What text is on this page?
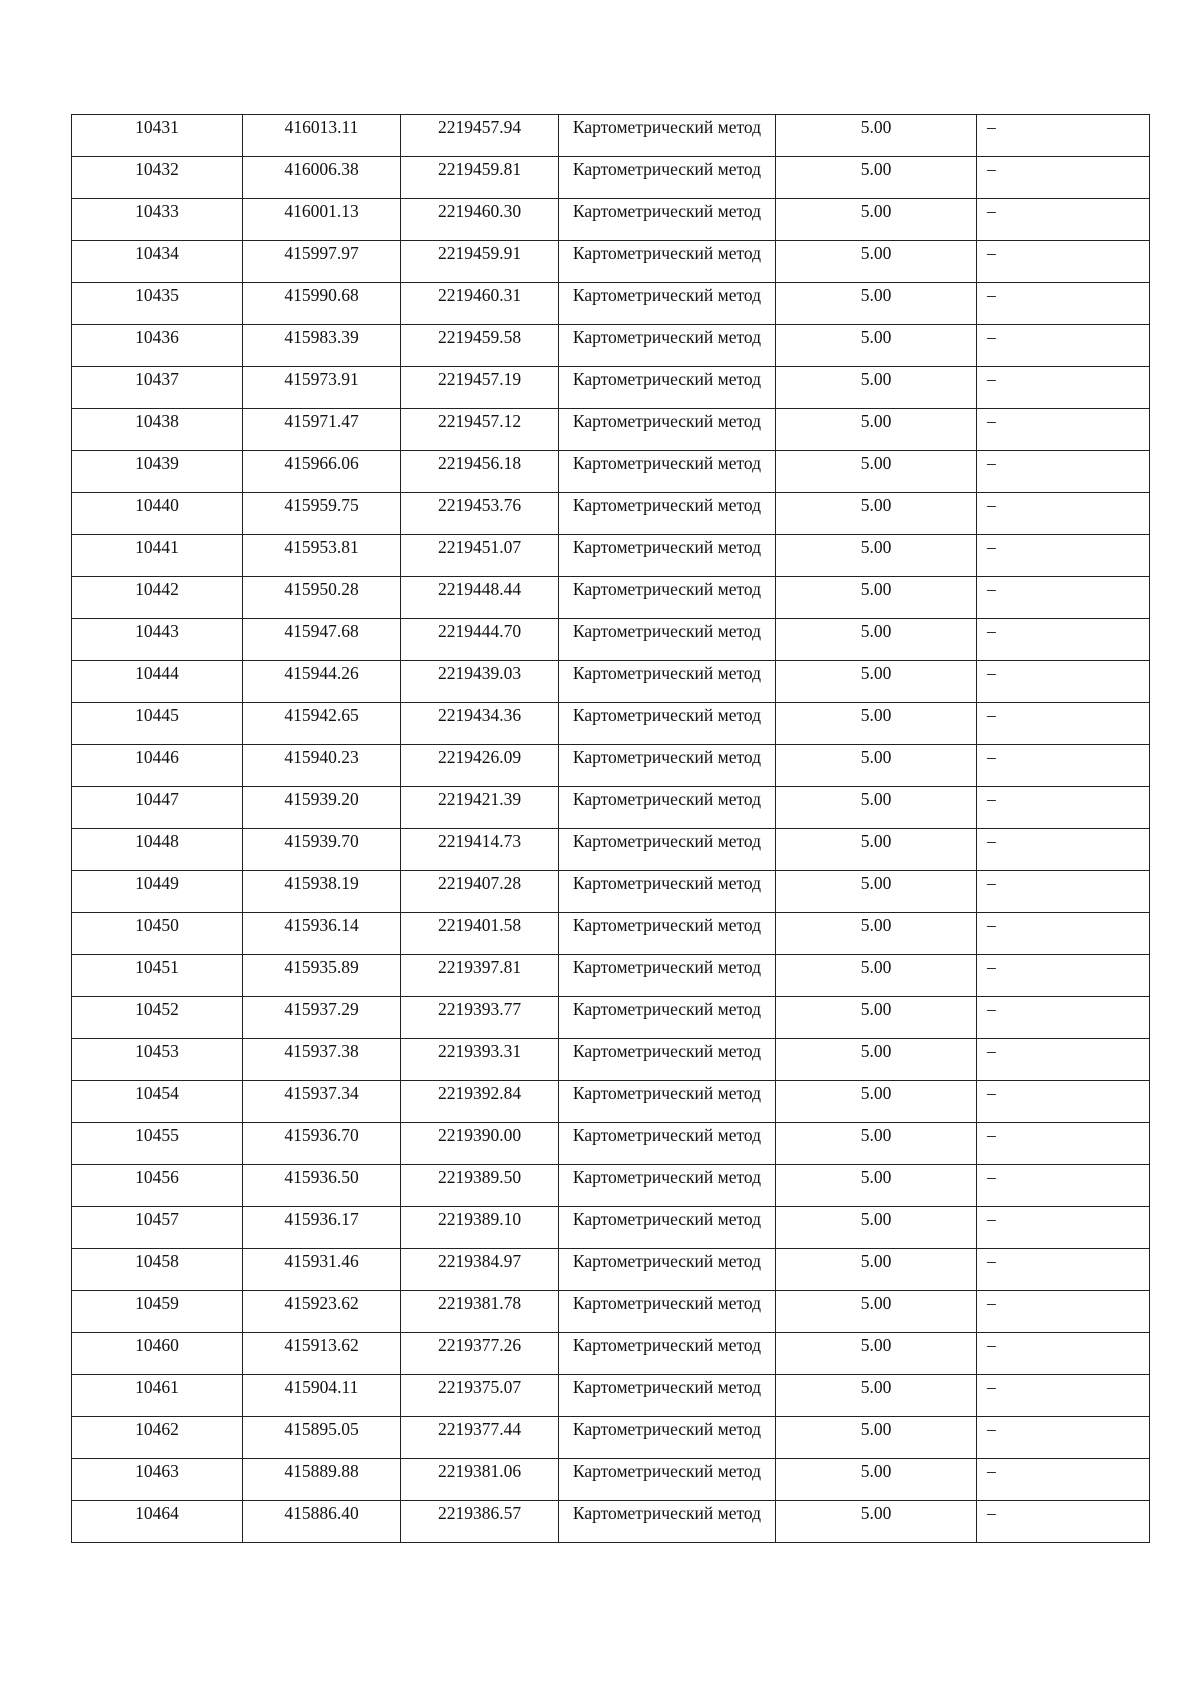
10431	416013.11	2219457.94	Картометрический метод	5.00	–

10432	416006.38	2219459.81	Картометрический метод	5.00	–

10433	416001.13	2219460.30	Картометрический метод	5.00	–

10434	415997.97	2219459.91	Картометрический метод	5.00	–

10435	415990.68	2219460.31	Картометрический метод	5.00	–

10436	415983.39	2219459.58	Картометрический метод	5.00	–

10437	415973.91	2219457.19	Картометрический метод	5.00	–

10438	415971.47	2219457.12	Картометрический метод	5.00	–

10439	415966.06	2219456.18	Картометрический метод	5.00	–

10440	415959.75	2219453.76	Картометрический метод	5.00	–

10441	415953.81	2219451.07	Картометрический метод	5.00	–

10442	415950.28	2219448.44	Картометрический метод	5.00	–

10443	415947.68	2219444.70	Картометрический метод	5.00	–

10444	415944.26	2219439.03	Картометрический метод	5.00	–

10445	415942.65	2219434.36	Картометрический метод	5.00	–

10446	415940.23	2219426.09	Картометрический метод	5.00	–

10447	415939.20	2219421.39	Картометрический метод	5.00	–

10448	415939.70	2219414.73	Картометрический метод	5.00	–

10449	415938.19	2219407.28	Картометрический метод	5.00	–

10450	415936.14	2219401.58	Картометрический метод	5.00	–

10451	415935.89	2219397.81	Картометрический метод	5.00	–

10452	415937.29	2219393.77	Картометрический метод	5.00	–

10453	415937.38	2219393.31	Картометрический метод	5.00	–

10454	415937.34	2219392.84	Картометрический метод	5.00	–

10455	415936.70	2219390.00	Картометрический метод	5.00	–

10456	415936.50	2219389.50	Картометрический метод	5.00	–

10457	415936.17	2219389.10	Картометрический метод	5.00	–

10458	415931.46	2219384.97	Картометрический метод	5.00	–

10459	415923.62	2219381.78	Картометрический метод	5.00	–

10460	415913.62	2219377.26	Картометрический метод	5.00	–

10461	415904.11	2219375.07	Картометрический метод	5.00	–

10462	415895.05	2219377.44	Картометрический метод	5.00	–

10463	415889.88	2219381.06	Картометрический метод	5.00	–

10464	415886.40	2219386.57	Картометрический метод	5.00	–
